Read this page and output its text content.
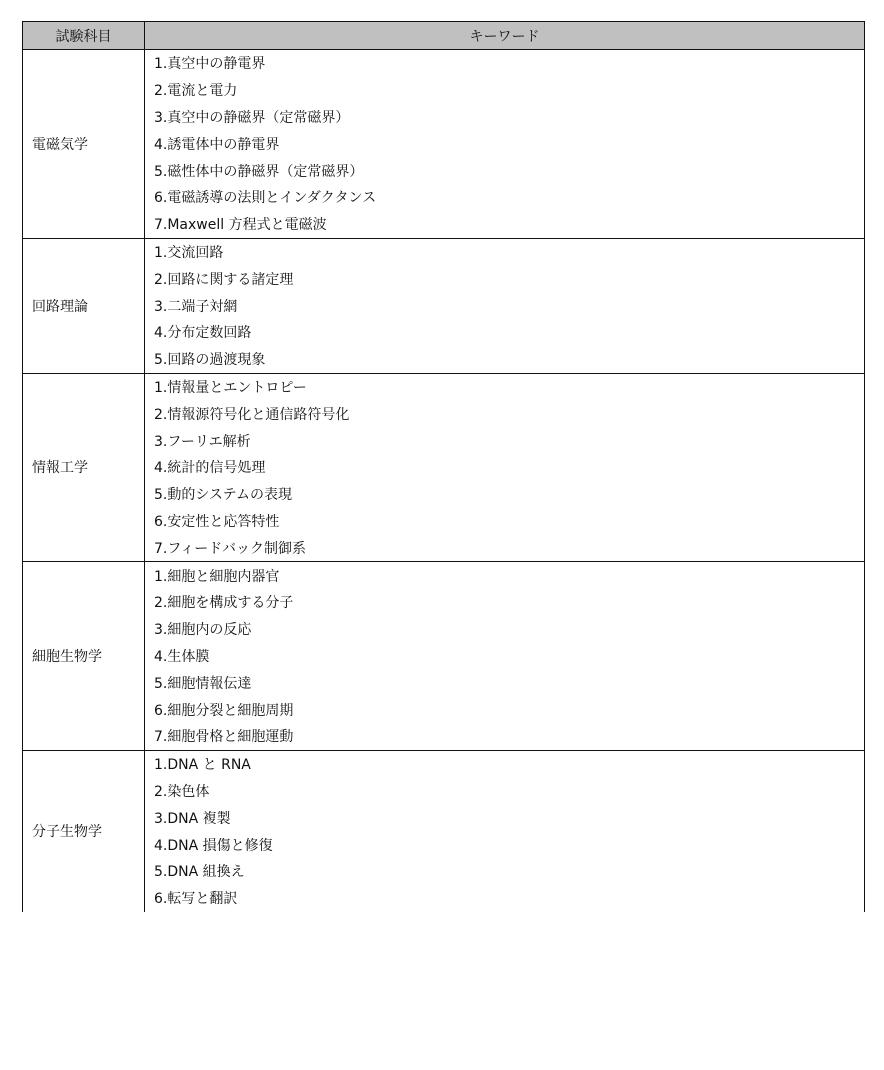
試験科目	キーワード
電磁気学	1.真空中の静電界
	2.電流と電力
	3.真空中の静磁界（定常磁界）
	4.誘電体中の静電界
	5.磁性体中の静磁界（定常磁界）
	6.電磁誘導の法則とインダクタンス
	7.Maxwell 方程式と電磁波
回路理論	1.交流回路
	2.回路に関する諸定理
	3.二端子対網
	4.分布定数回路
	5.回路の過渡現象
情報工学	1.情報量とエントロピー
	2.情報源符号化と通信路符号化
	3.フーリエ解析
	4.統計的信号処理
	5.動的システムの表現
	6.安定性と応答特性
	7.フィードバック制御系
細胞生物学	1.細胞と細胞内器官
	2.細胞を構成する分子
	3.細胞内の反応
	4.生体膜
	5.細胞情報伝達
	6.細胞分裂と細胞周期
	7.細胞骨格と細胞運動
分子生物学	1.DNA と RNA
	2.染色体
	3.DNA 複製
	4.DNA 損傷と修復
	5.DNA 組換え
	6.転写と翻訳
